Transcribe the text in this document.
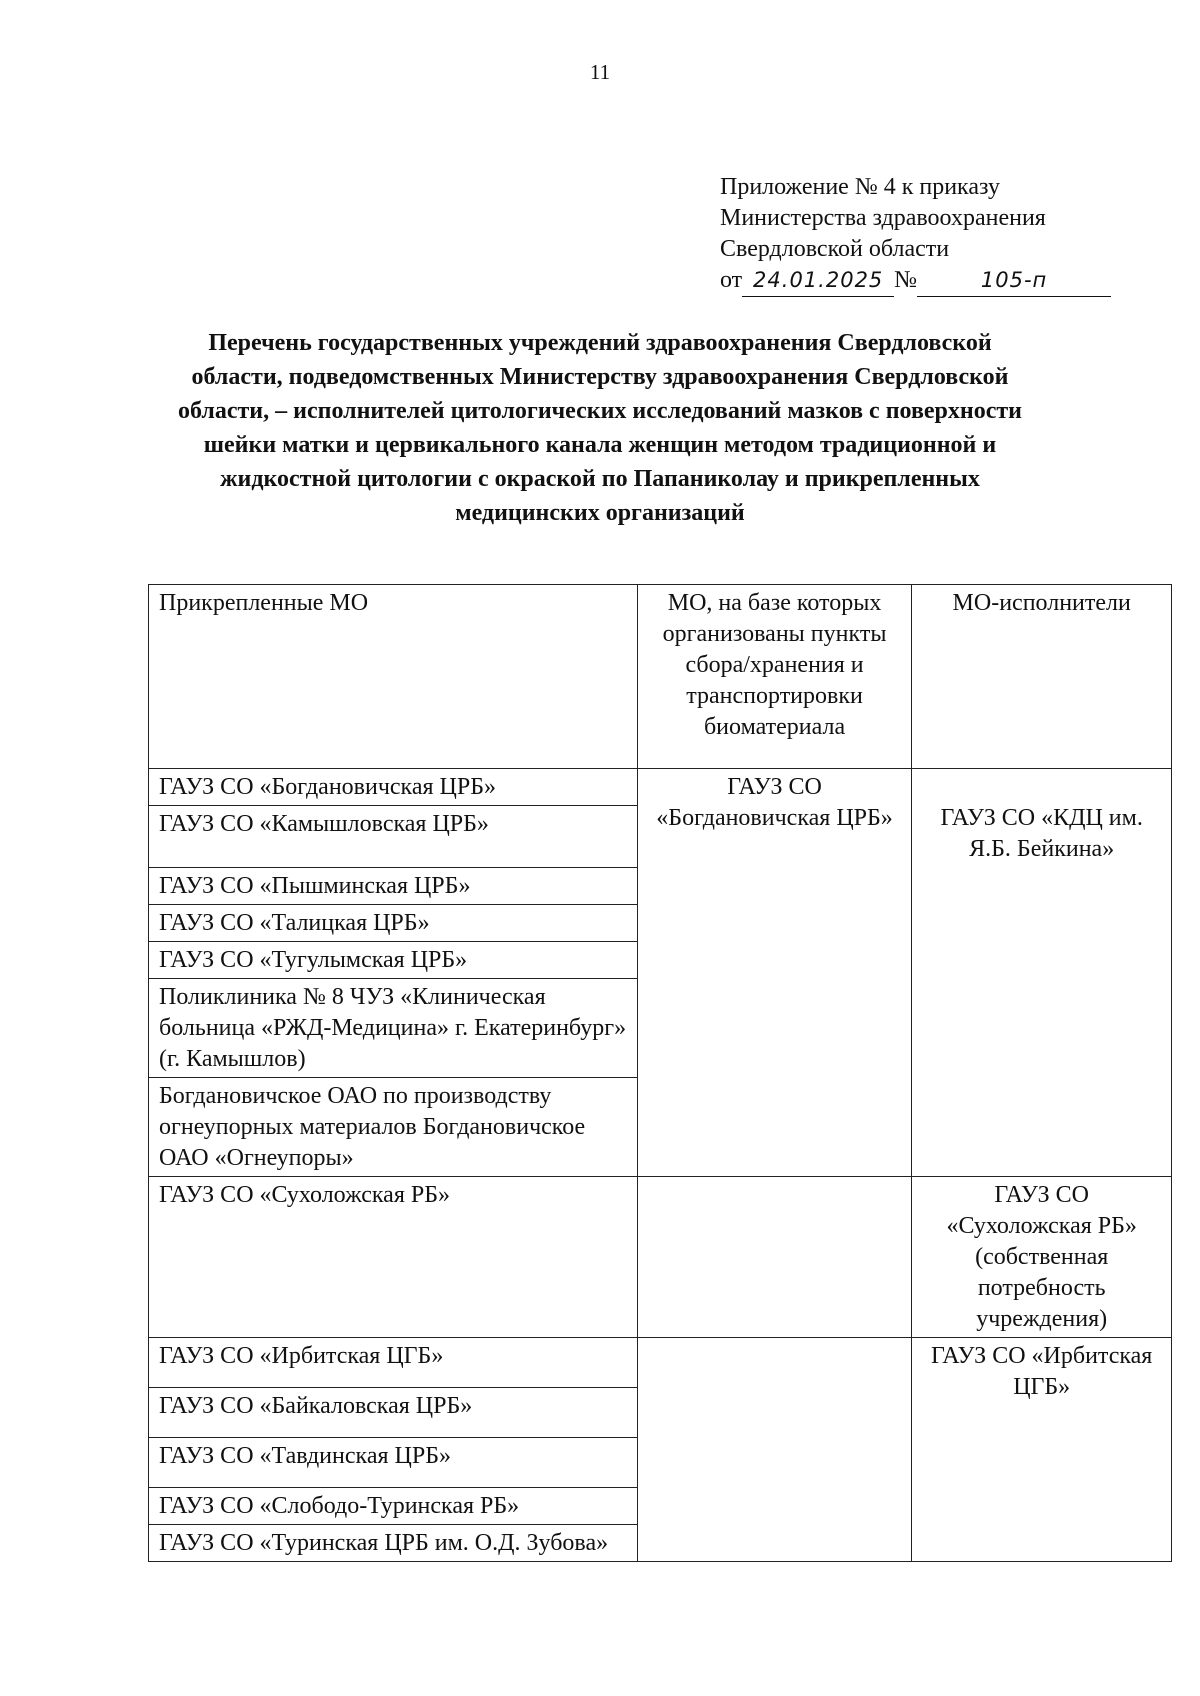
11
Приложение № 4 к приказу
Министерства здравоохранения
Свердловской области
от 24.01.2025 №	105-п
Перечень государственных учреждений здравоохранения Свердловской
области, подведомственных Министерству здравоохранения Свердловской
области, – исполнителей цитологических исследований мазков с поверхности
шейки матки и цервикального канала женщин методом традиционной и
жидкостной цитологии с окраской по Папаниколау и прикрепленных
медицинских организаций
Прикрепленные МО	МО, на базе которых организованы пункты сбора/хранения и транспортировки биоматериала	МО-исполнители
ГАУЗ СО «Богдановичская ЦРБ»	ГАУЗ СО «Богдановичская ЦРБ»	ГАУЗ СО «КДЦ им. Я.Б. Бейкина»
ГАУЗ СО «Камышловская ЦРБ»		
ГАУЗ СО «Пышминская ЦРБ»		
ГАУЗ СО «Талицкая ЦРБ»		
ГАУЗ СО «Тугулымская ЦРБ»		
Поликлиника № 8 ЧУЗ «Клиническая больница «РЖД-Медицина» г. Екатеринбург» (г. Камышлов)		
Богдановичское ОАО по производству огнеупорных материалов Богдановичское ОАО «Огнеупоры»		
ГАУЗ СО «Сухоложская РБ»		ГАУЗ СО «Сухоложская РБ» (собственная потребность учреждения)
ГАУЗ СО «Ирбитская ЦГБ»		ГАУЗ СО «Ирбитская ЦГБ»
ГАУЗ СО «Байкаловская ЦРБ»		
ГАУЗ СО «Тавдинская ЦРБ»		
ГАУЗ СО «Слободо-Туринская РБ»		
ГАУЗ СО «Туринская ЦРБ им. О.Д. Зубова»		
